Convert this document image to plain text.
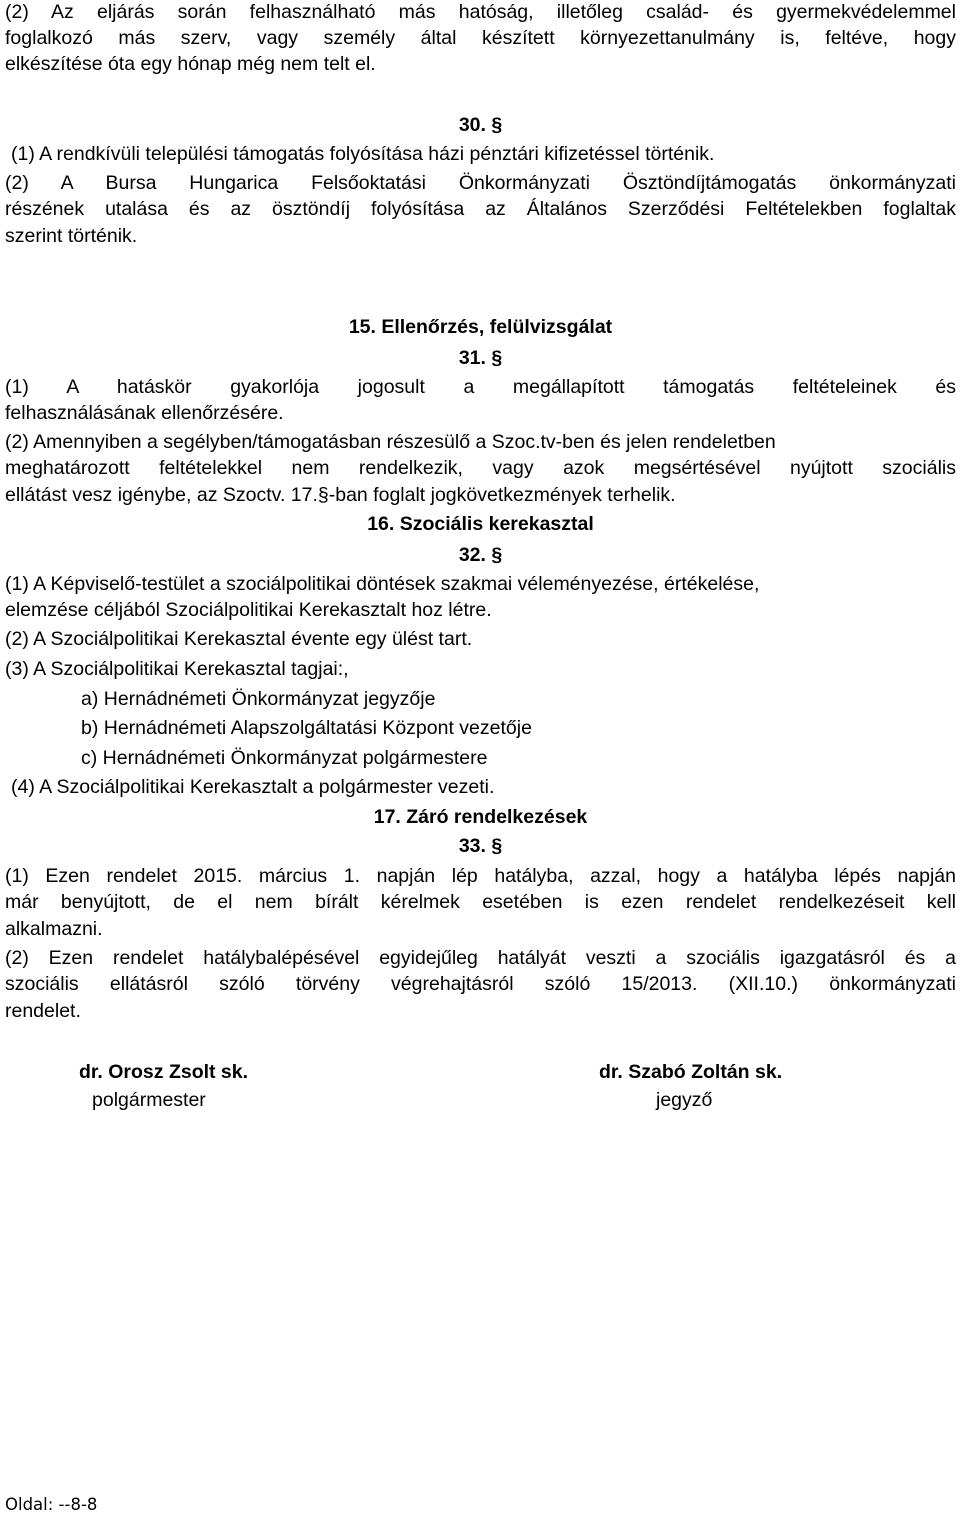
(2) Az eljárás során felhasználható más hatóság, illetőleg család- és gyermekvédelemmel
foglalkozó más szerv, vagy személy által készített környezettanulmány is, feltéve, hogy
elkészítése óta egy hónap még nem telt el.
30. §
(1) A rendkívüli települési támogatás folyósítása házi pénztári kifizetéssel történik.
(2) A Bursa Hungarica Felsőoktatási Önkormányzati Ösztöndíjtámogatás önkormányzati
részének utalása és az ösztöndíj folyósítása az Általános Szerződési Feltételekben foglaltak
szerint történik.
15. Ellenőrzés, felülvizsgálat
31. §
(1) A hatáskör gyakorlója jogosult a megállapított támogatás feltételeinek és
felhasználásának ellenőrzésére.
(2) Amennyiben a segélyben/támogatásban részesülő a Szoc.tv-ben és jelen rendeletben
meghatározott feltételekkel nem rendelkezik, vagy azok megsértésével nyújtott szociális
ellátást vesz igénybe, az Szoctv. 17.§-ban foglalt jogkövetkezmények terhelik.
16. Szociális kerekasztal
32. §
(1) A Képviselő-testület a szociálpolitikai döntések szakmai véleményezése, értékelése,
elemzése céljából Szociálpolitikai Kerekasztalt hoz létre.
(2) A Szociálpolitikai Kerekasztal évente egy ülést tart.
(3) A Szociálpolitikai Kerekasztal tagjai:,
a) Hernádnémeti Önkormányzat jegyzője
b) Hernádnémeti Alapszolgáltatási Központ vezetője
c) Hernádnémeti Önkormányzat polgármestere
(4) A Szociálpolitikai Kerekasztalt a polgármester vezeti.
17. Záró rendelkezések
33. §
(1) Ezen rendelet 2015. március 1. napján lép hatályba, azzal, hogy a hatályba lépés napján
már benyújtott, de el nem bírált kérelmek esetében is ezen rendelet rendelkezéseit kell
alkalmazni.
(2) Ezen rendelet hatálybalépésével egyidejűleg hatályát veszti a szociális igazgatásról és a
szociális ellátásról szóló törvény végrehajtásról szóló 15/2013. (XII.10.) önkormányzati
rendelet.
dr. Orosz Zsolt sk.
polgármester
dr. Szabó Zoltán sk.
jegyző
Oldal: --8-8
